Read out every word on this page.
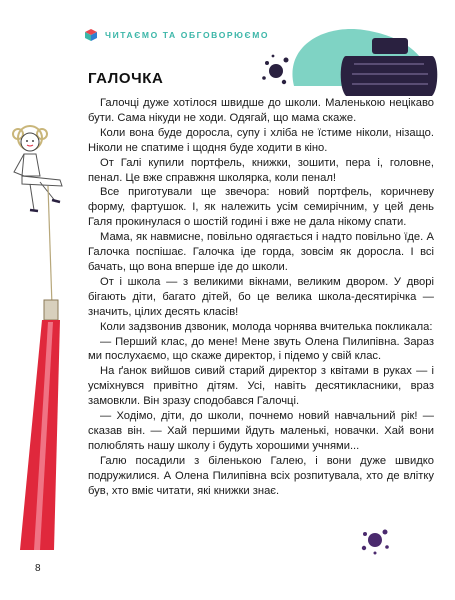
ЧИТАЄМО ТА ОБГОВОРЮЄМО
ГАЛОЧКА

Галочці дуже хотілося швидше до школи. Маленькою нецікаво бути. Сама нікуди не ходи. Одягай, що мама скаже.

Коли вона буде доросла, супу і хліба не їстиме ніколи, нізащо. Ніколи не спатиме і щодня буде ходити в кіно.

От Галі купили портфель, книжки, зошити, пера і, головне, пенал. Це вже справжня школярка, коли пенал!

Все приготували ще звечора: новий портфель, коричневу форму, фартушок. І, як належить усім семирічним, у цей день Галя прокинулася о шостій годині і вже не дала нікому спати.

Мама, як навмисне, повільно одягається і надто повільно їде. А Галочка поспішає. Галочка іде горда, зовсім як доросла. І всі бачать, що вона вперше іде до школи.

От і школа — з великими вікнами, великим двором. У дворі бігають діти, багато дітей, бо це велика школа-десятирічка — значить, цілих десять класів!

Коли задзвонив дзвоник, молода чорнява вчителька покликала:

— Перший клас, до мене! Мене звуть Олена Пилипівна. Зараз ми послухаємо, що скаже директор, і підемо у свій клас.

На ґанок вийшов сивий старий директор з квітами в руках — і усміхнувся привітно дітям. Усі, навіть десятикласники, враз замовкли. Він зразу сподобався Галочці.

— Ходімо, діти, до школи, почнемо новий навчальний рік! — сказав він. — Хай першими йдуть маленькі, новачки. Хай вони полюблять нашу школу і будуть хорошими учнями...

Галю посадили з біленькою Галею, і вони дуже швидко подружилися. А Олена Пилипівна всіх розпитувала, хто де влітку був, хто вміє читати, які книжки знає.

8
